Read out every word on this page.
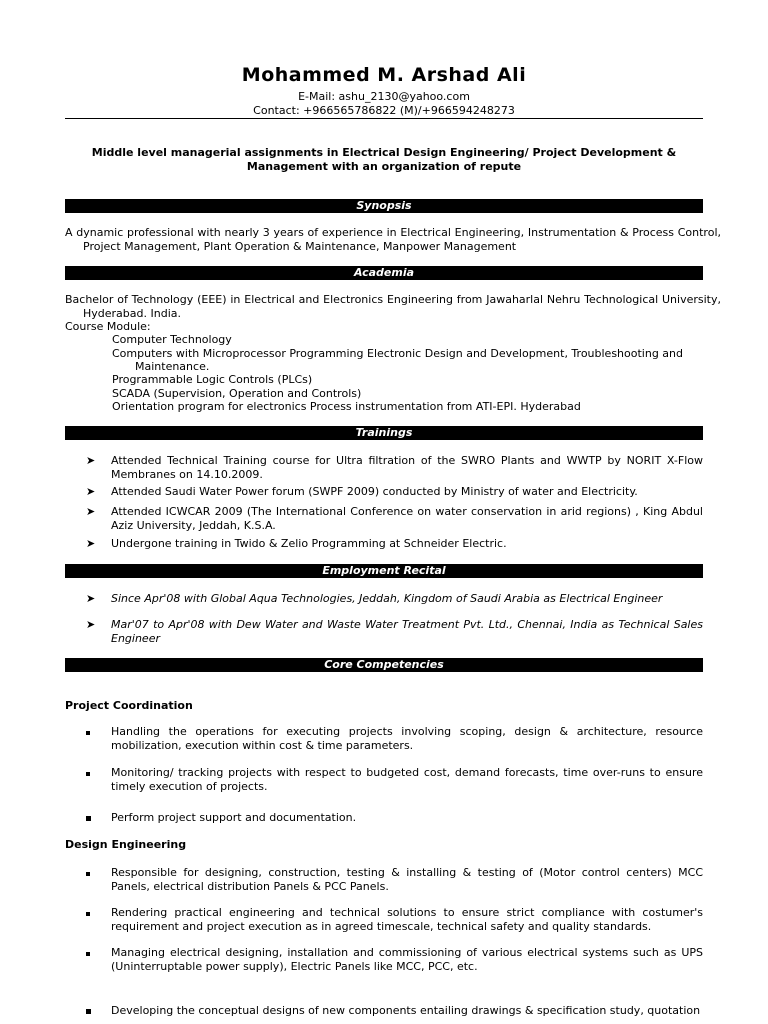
Mohammed M. Arshad Ali
E-Mail: ashu_2130@yahoo.com
Contact: +966565786822 (M)/+966594248273
Middle level managerial assignments in Electrical Design Engineering/ Project Development & Management with an organization of repute
Synopsis
A dynamic professional with nearly 3 years of experience in Electrical Engineering, Instrumentation & Process Control, Project Management, Plant Operation & Maintenance, Manpower Management
Academia
Bachelor of Technology (EEE) in Electrical and Electronics Engineering from Jawaharlal Nehru Technological University, Hyderabad. India.
Course Module:
Computer Technology
Computers with Microprocessor Programming Electronic Design and Development, Troubleshooting and
Maintenance.
Programmable Logic Controls (PLCs)
SCADA (Supervision, Operation and Controls)
Orientation program for electronics Process instrumentation from ATI-EPI. Hyderabad
Trainings
➤	Attended Technical Training course for Ultra filtration of the SWRO Plants and WWTP by NORIT X-Flow Membranes on 14.10.2009.
➤	Attended Saudi Water Power forum (SWPF 2009) conducted by Ministry of water and Electricity.
➤	Attended ICWCAR 2009 (The International Conference on water conservation in arid regions) , King Abdul Aziz University, Jeddah, K.S.A.
➤	Undergone training in Twido & Zelio Programming at Schneider Electric.
Employment Recital
➤	Since Apr'08 with Global Aqua Technologies, Jeddah, Kingdom of Saudi Arabia as Electrical Engineer
➤	Mar'07 to Apr'08 with Dew Water and Waste Water Treatment Pvt. Ltd., Chennai, India as Technical Sales Engineer
Core Competencies
Project Coordination
Handling the operations for executing projects involving scoping, design & architecture, resource mobilization, execution within cost & time parameters.
Monitoring/ tracking projects with respect to budgeted cost, demand forecasts, time over-runs to ensure timely execution of projects.
Perform project support and documentation.
Design Engineering
Responsible for designing, construction, testing & installing & testing of (Motor control centers) MCC Panels, electrical distribution Panels & PCC Panels.
Rendering practical engineering and technical solutions to ensure strict compliance with costumer's requirement and project execution as in agreed timescale, technical safety and quality standards.
Managing electrical designing, installation and commissioning of various electrical systems such as UPS (Uninterruptable power supply), Electric Panels like MCC, PCC, etc.
Developing the conceptual designs of new components entailing drawings & specification study, quotation
